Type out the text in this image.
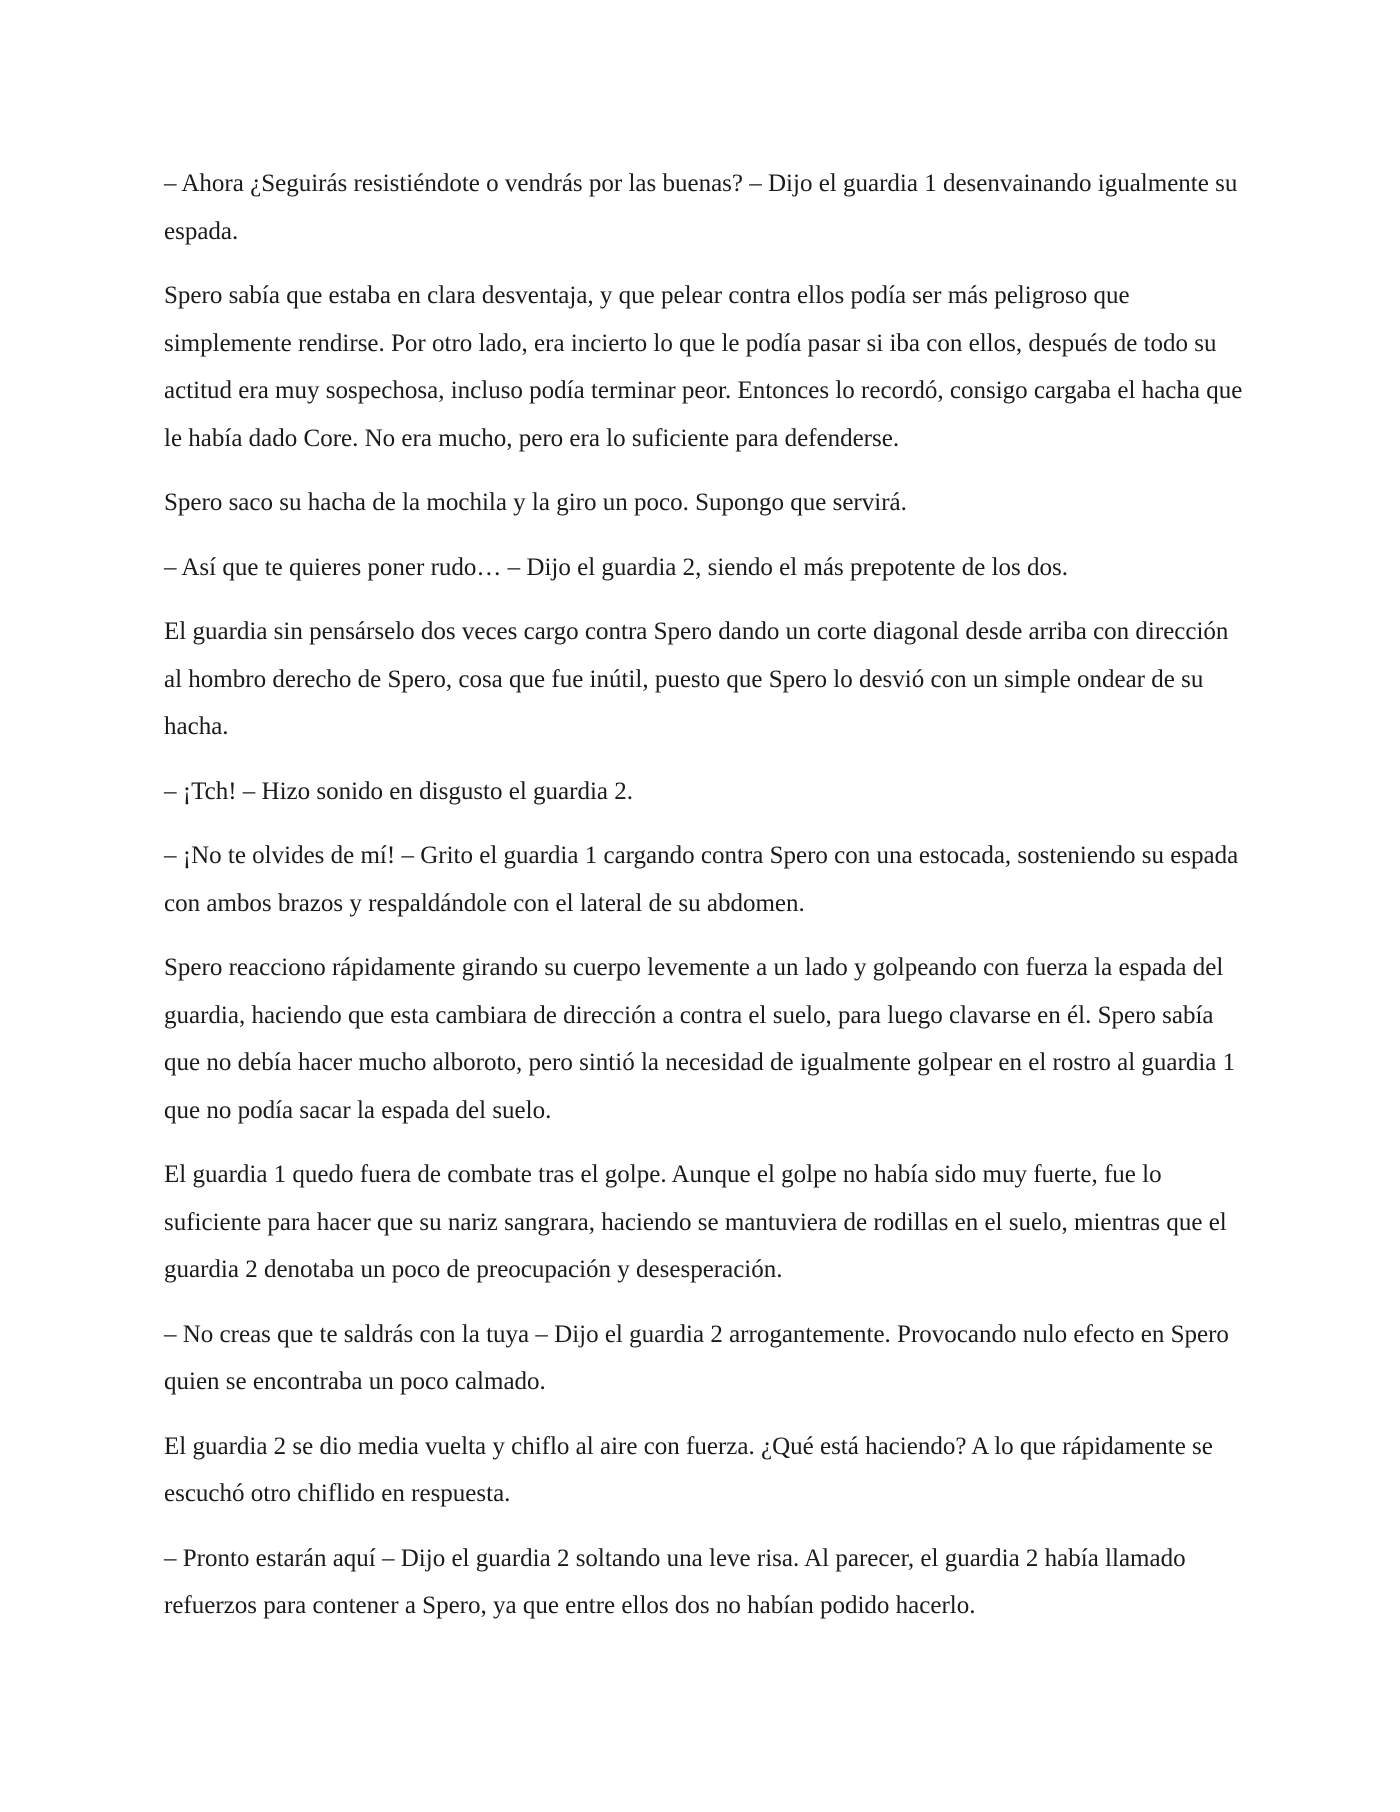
– Ahora ¿Seguirás resistiéndote o vendrás por las buenas? – Dijo el guardia 1 desenvainando igualmente su espada.

Spero sabía que estaba en clara desventaja, y que pelear contra ellos podía ser más peligroso que simplemente rendirse. Por otro lado, era incierto lo que le podía pasar si iba con ellos, después de todo su actitud era muy sospechosa, incluso podía terminar peor. Entonces lo recordó, consigo cargaba el hacha que le había dado Core. No era mucho, pero era lo suficiente para defenderse.

Spero saco su hacha de la mochila y la giro un poco. Supongo que servirá.

– Así que te quieres poner rudo… – Dijo el guardia 2, siendo el más prepotente de los dos.

El guardia sin pensárselo dos veces cargo contra Spero dando un corte diagonal desde arriba con dirección al hombro derecho de Spero, cosa que fue inútil, puesto que Spero lo desvió con un simple ondear de su hacha.

– ¡Tch! – Hizo sonido en disgusto el guardia 2.

– ¡No te olvides de mí! – Grito el guardia 1 cargando contra Spero con una estocada, sosteniendo su espada con ambos brazos y respaldándole con el lateral de su abdomen.

Spero reacciono rápidamente girando su cuerpo levemente a un lado y golpeando con fuerza la espada del guardia, haciendo que esta cambiara de dirección a contra el suelo, para luego clavarse en él. Spero sabía que no debía hacer mucho alboroto, pero sintió la necesidad de igualmente golpear en el rostro al guardia 1 que no podía sacar la espada del suelo.

El guardia 1 quedo fuera de combate tras el golpe. Aunque el golpe no había sido muy fuerte, fue lo suficiente para hacer que su nariz sangrara, haciendo se mantuviera de rodillas en el suelo, mientras que el guardia 2 denotaba un poco de preocupación y desesperación.

– No creas que te saldrás con la tuya – Dijo el guardia 2 arrogantemente. Provocando nulo efecto en Spero quien se encontraba un poco calmado.

El guardia 2 se dio media vuelta y chiflo al aire con fuerza. ¿Qué está haciendo? A lo que rápidamente se escuchó otro chiflido en respuesta.

– Pronto estarán aquí – Dijo el guardia 2 soltando una leve risa. Al parecer, el guardia 2 había llamado refuerzos para contener a Spero, ya que entre ellos dos no habían podido hacerlo.
